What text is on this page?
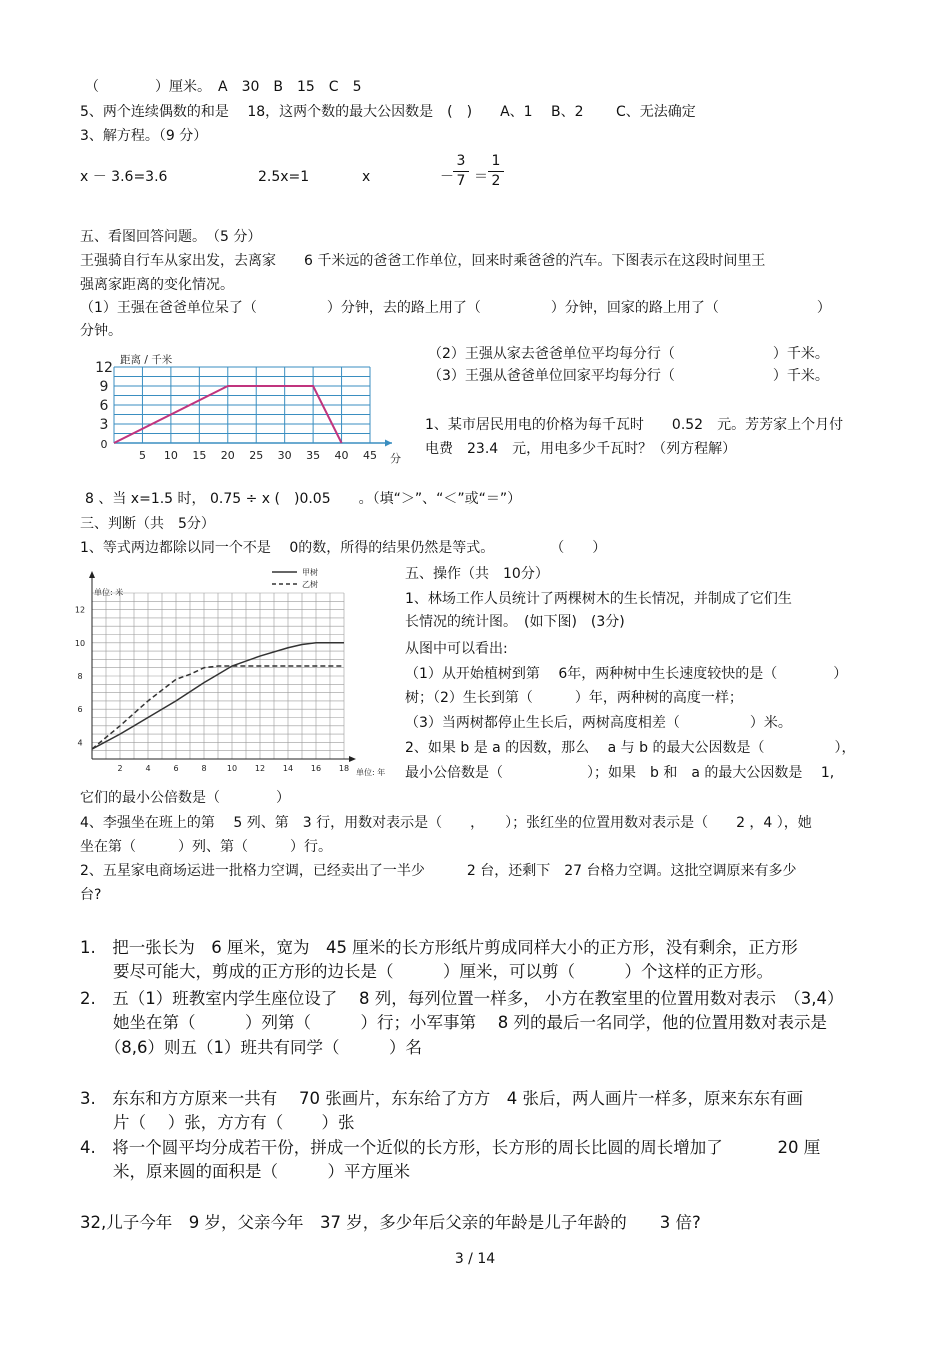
（　　　　）厘米。　A　30　B　15　C　5
5、两个连续偶数的和是　 18，这两个数的最大公因数是　(　)　　A、1　 B、2　　 C、无法确定
3、解方程。（9 分）
x － 3.6=3.6	2.5x=1	x	－ $\frac{3}{7} = \frac{1}{2}$
五、看图回答问题。　（5 分）
王强骑自行车从家出发，去离家　　6 千米远的爸爸工作单位，回来时乘爸爸的汽车。下图表示在这段时间里王
强离家距离的变化情况。
（1）王强在爸爸单位呆了（　　　　　）分钟，去的路上用了（　　　　　）分钟，回家的路上用了（　　　　　　　）
分钟。
0
5 10 15 20 25 30 35 40 45
3
6
9
12 距离 / 千米
分
（2）王强从家去爸爸单位平均每分行（　　　　　　　）千米。
（3）王强从爸爸单位回家平均每分行（　　　　　　　）千米。
1、某市居民用电的价格为每千瓦时　　0.52　元。芳芳家上个月付
电费　23.4　元，用电多少千瓦时？（列方程解）
8 、当 x=1.5 时， 0.75 ÷ x (　)0.05　　。（填“＞”、“＜”或“＝”）
三、判断（共　5分）
1、等式两边都除以同一个不是　 0的数，所得的结果仍然是等式。　　　　　（　　）
2	4	6	8	10 12 14 16 18
4
6
8
10
12
单位: 米
单位: 年
甲树
乙树
五、操作（共　10分）
1、林场工作人员统计了两棵树木的生长情况，并制成了它们生
长情况的统计图。　(如下图)　(3分)
从图中可以看出:
（1）从开始植树到第　 6年，两种树中生长速度较快的是（　　　　）
树；（2）生长到第（　　　）年，两种树的高度一样；
（3）当两树都停止生长后，两树高度相差（　　　　　）米。
2、如果 b 是 a 的因数，那么　 a 与 b 的最大公因数是（　　　　　），
最小公倍数是（　　　　　　）；如果　b 和　a 的最大公因数是　 1,
它们的最小公倍数是（　　　　）
4、李强坐在班上的第　 5 列、第　3 行，用数对表示是（　　，　　）；张红坐的位置用数对表示是（　　2 ，4 ），她
坐在第（　　　）列、第（　　　）行。
2、五星家电商场运进一批格力空调，已经卖出了一半少　　　2 台，还剩下　27 台格力空调。这批空调原来有多少
台?
1.　把一张长为　6 厘米，宽为　45 厘米的长方形纸片剪成同样大小的正方形，没有剩余，正方形
　　要尽可能大，剪成的正方形的边长是（　　　）厘米，可以剪（　　　）个这样的正方形。
2.　五（1）班教室内学生座位设了　 8 列，每列位置一样多， 小方在教室里的位置用数对表示　（3,4）
　　她坐在第（　　　）列第（　　　）行；小军事第　 8 列的最后一名同学，他的位置用数对表示是
　　（8,6）则五（1）班共有同学（　　　）名
3.　东东和方方原来一共有　 70 张画片，东东给了方方　4 张后，两人画片一样多，原来东东有画
　　片（　 ）张，方方有（　　 ）张
4.　将一个圆平均分成若干份，拼成一个近似的长方形，长方形的周长比圆的周长增加了　　　 20 厘
　　米，原来圆的面积是（　　　）平方厘米
32,儿子今年　9 岁，父亲今年　37 岁，多少年后父亲的年龄是儿子年龄的　　3 倍?
3 / 14
